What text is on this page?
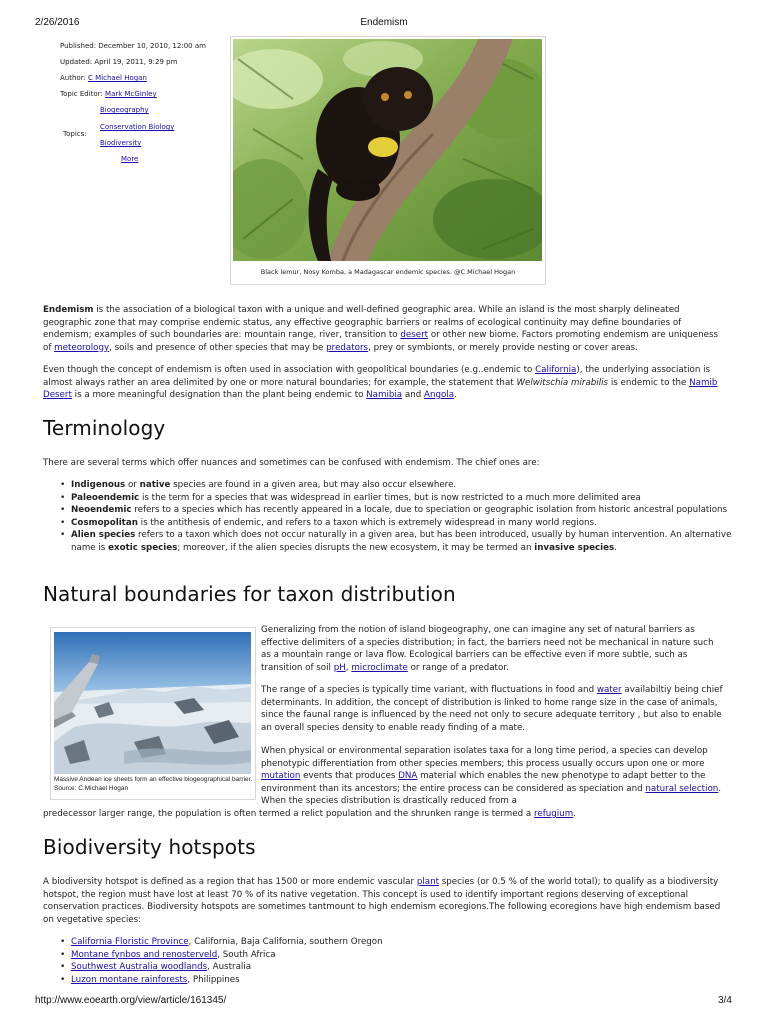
2/26/2016	Endemism
Published: December 10, 2010, 12:00 am
Updated: April 19, 2011, 9:29 pm
Author: C Michael Hogan
Topic Editor: Mark McGinley
Topics:
Biogeography
Conservation Biology
Biodiversity
More
Black lemur, Nosy Komba, a Madagascar endemic species. @C.Michael Hogan

Endemism is the association of a biological taxon with a unique and well-defined geographic area. While an island is the most sharply delineated geographic zone that may comprise endemic status, any effective geographic barriers or realms of ecological continuity may define boundaries of endemism; examples of such boundaries are: mountain range, river, transition to desert or other new biome. Factors promoting endemism are uniqueness of meteorology, soils and presence of other species that may be predators, prey or symbionts, or merely provide nesting or cover areas.

Even though the concept of endemism is often used in association with geopolitical boundaries (e.g..endemic to California), the underlying association is almost always rather an area delimited by one or more natural boundaries; for example, the statement that Welwitschia mirabilis is endemic to the Namib Desert is a more meaningful designation than the plant being endemic to Namibia and Angola.

Terminology

There are several terms which offer nuances and sometimes can be confused with endemism. The chief ones are:

• Indigenous or native species are found in a given area, but may also occur elsewhere.
• Paleoendemic is the term for a species that was widespread in earlier times, but is now restricted to a much more delimited area
• Neoendemic refers to a species which has recently appeared in a locale, due to speciation or geographic isolation from historic ancestral populations
• Cosmopolitan is the antithesis of endemic, and refers to a taxon which is extremely widespread in many world regions.
• Alien species refers to a taxon which does not occur naturally in a given area, but has been introduced, usually by human intervention. An alternative name is exotic species; moreover, if the alien species disrupts the new ecosystem, it may be termed an invasive species.
Natural boundaries for taxon distribution
Massive Andean ice sheets form an effective biogeographical barrier. Source: C.Michael Hogan

Generalizing from the notion of island biogeography, one can imagine any set of natural barriers as effective delimiters of a species distribution; in fact, the barriers need not be mechanical in nature such as a mountain range or lava flow. Ecological barriers can be effective even if more subtle, such as transition of soil pH, microclimate or range of a predator.

The range of a species is typically time variant, with fluctuations in food and water availabiltiy being chief determinants. In addition, the concept of distribution is linked to home range size in the case of animals, since the faunal range is influenced by the need not only to secure adequate territory , but also to enable an overall species density to enable ready finding of a mate.

When physical or environmental separation isolates taxa for a long time period, a species can develop phenotypic differentiation from other species members; this process usually occurs upon one or more mutation events that produces DNA material which enables the new phenotype to adapt better to the environment than its ancestors; the entire process can be considered as speciation and natural selection. When the species distribution is drastically reduced from a

predecessor larger range, the population is often termed a relict population and the shrunken range is termed a refugium.

Biodiversity hotspots

A biodiversity hotspot is defined as a region that has 1500 or more endemic vascular plant species (or 0.5 % of the world total); to qualify as a biodiversity hotspot, the region must have lost at least 70 % of its native vegetation. This concept is used to identify important regions deserving of exceptional conservation practices. Biodiversity hotspots are sometimes tantmount to high endemism ecoregions.The following ecoregions have high endemism based on vegetative species:

• California Floristic Province, California, Baja California, southern Oregon
• Montane fynbos and renosterveld, South Africa
• Southwest Australia woodlands, Australia
• Luzon montane rainforests, Philippines
http://www.eoearth.org/view/article/161345/	3/4
